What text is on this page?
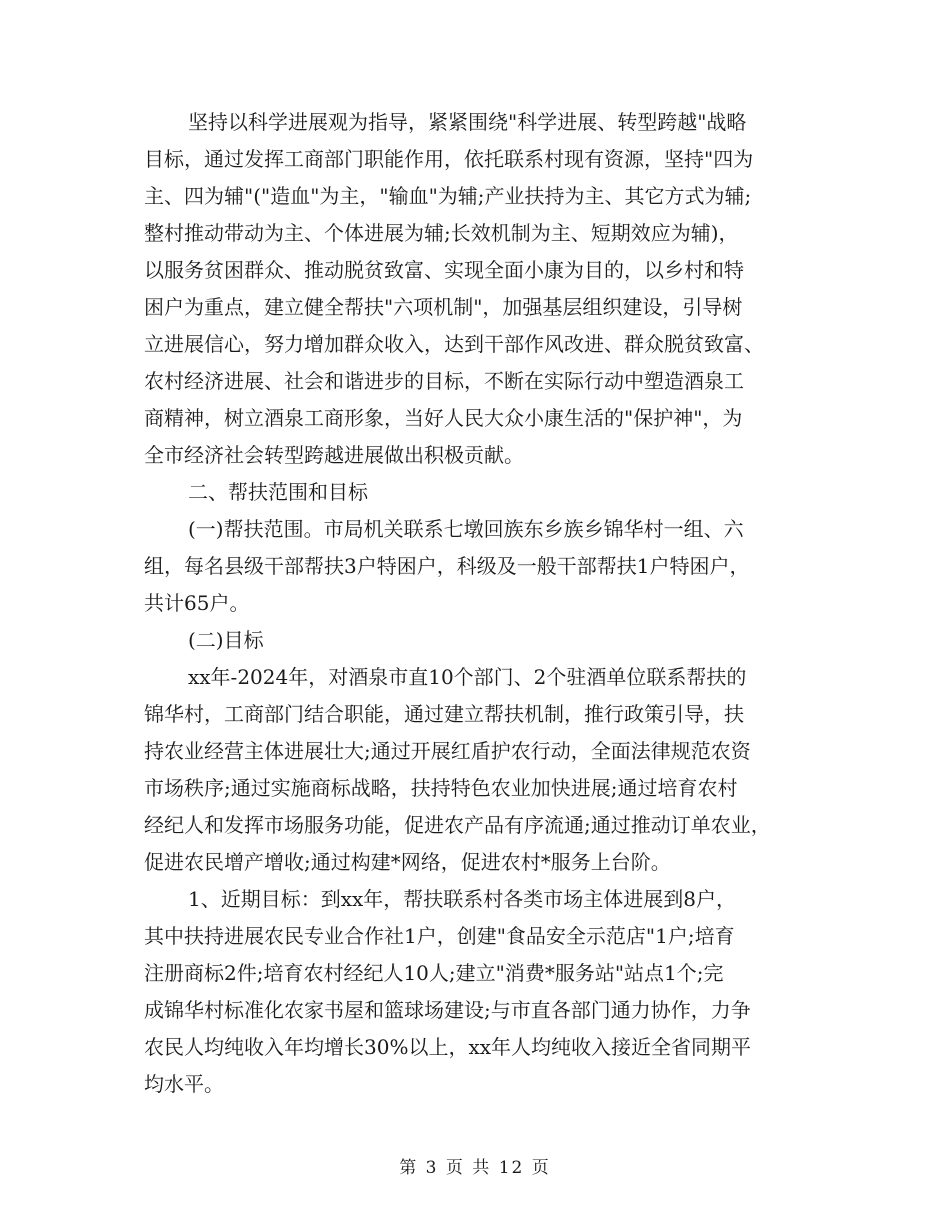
坚持以科学进展观为指导，紧紧围绕"科学进展、转型跨越"战略
目标，通过发挥工商部门职能作用，依托联系村现有资源，坚持"四为
主、四为辅"("造血"为主，"输血"为辅;产业扶持为主、其它方式为辅;
整村推动带动为主、个体进展为辅;长效机制为主、短期效应为辅)，
以服务贫困群众、推动脱贫致富、实现全面小康为目的，以乡村和特
困户为重点，建立健全帮扶"六项机制"，加强基层组织建设，引导树
立进展信心，努力增加群众收入，达到干部作风改进、群众脱贫致富、
农村经济进展、社会和谐进步的目标，不断在实际行动中塑造酒泉工
商精神，树立酒泉工商形象，当好人民大众小康生活的"保护神"，为
全市经济社会转型跨越进展做出积极贡献。

二、帮扶范围和目标

(一)帮扶范围。市局机关联系七墩回族东乡族乡锦华村一组、六
组，每名县级干部帮扶3户特困户，科级及一般干部帮扶1户特困户，
共计65户。

(二)目标

xx年-2024年，对酒泉市直10个部门、2个驻酒单位联系帮扶的
锦华村，工商部门结合职能，通过建立帮扶机制，推行政策引导，扶
持农业经营主体进展壮大;通过开展红盾护农行动，全面法律规范农资
市场秩序;通过实施商标战略，扶持特色农业加快进展;通过培育农村
经纪人和发挥市场服务功能，促进农产品有序流通;通过推动订单农业，
促进农民增产增收;通过构建*网络，促进农村*服务上台阶。

1、近期目标：到xx年，帮扶联系村各类市场主体进展到8户，
其中扶持进展农民专业合作社1户，创建"食品安全示范店"1户;培育
注册商标2件;培育农村经纪人10人;建立"消费*服务站"站点1个;完
成锦华村标准化农家书屋和篮球场建设;与市直各部门通力协作，力争
农民人均纯收入年均增长30%以上，xx年人均纯收入接近全省同期平
均水平。

第 3 页 共 12 页
